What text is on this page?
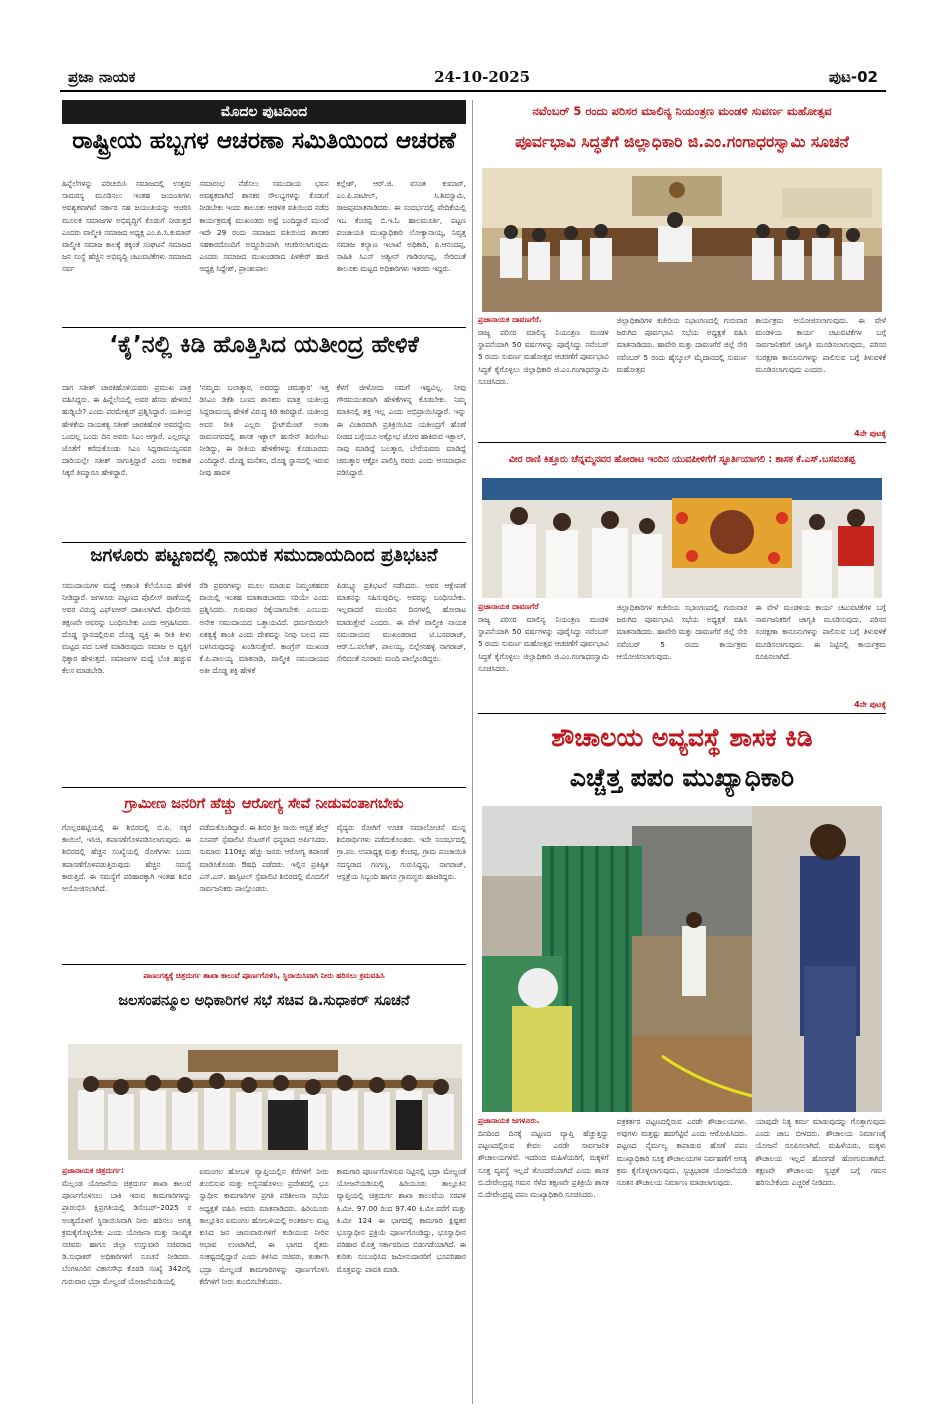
ಪ್ರಜಾ ನಾಯಕ	24-10-2025	ಪುಟ-02
ಮೊದಲ ಪುಟದಿಂದ
ರಾಷ್ಟ್ರೀಯ ಹಬ್ಬಗಳ ಆಚರಣಾ ಸಮಿತಿಯಿಂದ ಆಚರಣೆ
ಹಿನ್ನೆಲೆಗಳನ್ನು ಪರಿಚಯಿಸಿ ಸಮಾಜದಲ್ಲಿ ಉತ್ತಮ ಸಾಮರಸ್ಯ ಮೂಡಿಸಲು ಇಂತಹ ಜಯಂತಿಗಳು ಅವಶ್ಯಕವಾಗಿವೆ ಸರ್ಕಾರ ಸಹ ಜಯಂತಿಯನ್ನು ಆಚರಿಸಿ ಮೂಲಕ ಸಮಾಜಗಳ ಅಭಿವೃದ್ಧಿಗೆ ಕೊಡುಗೆ ನೀಡುತ್ತದೆ ಎಂದರು ವಾಲ್ಮೀಕಿ ಸಮಾಜದ ಅಧ್ಯಕ್ಷ ಎಂ.ಪಿ.ಸಿ.ಕುಮಾರ್ ವಾಲ್ಮೀಕಿ ಸಮಾಜ ಕಾಲಕ್ಕೆ ತಕ್ಕಂತೆ ಸಂಘಟನೆ ಸಮಾಜದ ಜನ ಸಂಸ್ಥೆ ಹೆಚ್ಚಿನ ಅಭಿವೃದ್ಧಿ ಚಟುವಟಿಕೆಗಳು ಸಮಾಜದ ಸರ್ವ
ಸಮಾರಂಭ ನೆಡೆಸಲು ಸಮುದಾಯ ಭವನ ಅವಶ್ಯಕವಾಗಿದೆ ಶಾಸಕರ ಸೌಲಭ್ಯಗಳನ್ನು ಕೊಡುಗೆ ನೀಡಬೇಕು ಇಂದು ತಾಲೂಕು ಆಡಳಿತ ವತಿಯಿಂದ ನಡೆದ ಕಾರ್ಯಕ್ರಮಕ್ಕೆ ಮುಖಂಡರು ಅಷ್ಟೆ ಬಂದಿದ್ದಾರೆ ಮುಂದೆ ಇದೇ 29 ರಂದು ಸಮಾಜದ ವತಿಯಿಂದ ಶಾಸಕರ ಸಹಕಾರದೊಂದಿಗೆ ಅದ್ದೂರಿಯಾಗಿ ಆಚರಿಸಲಾಗುವುದು ಎಂದರು ಸಮಾಜದ ಮುಖಂಡರಾದ ಪಿಳಕೇರ್ ಹಾಜಿ ಅಧ್ಯಕ್ಷ ಸಿದ್ದೇಶ್, ಪ್ರಾಂಶುಪಾಲ
ಕಲ್ಲೇಶ್, ಆರ್.ಜಿ. ವಸಂತ ಕುಮಾರ್, ಎಂ.ಪಿ.ಪಾಟೀಲ್, ಸಿ.ಶಿವಸ್ವಾಮಿ, ರಾಜಪ್ಪಮಾತನಾಡಿದರು. ಈ ಸಂದರ್ಭದಲ್ಲಿ ವೇದಿಕೆಯಲ್ಲಿ ಇಒ ಕೆಂಚಪ್ಪ ಬಿ.ಇ.ಓ ಹಾಲಮೂರ್ತಿ, ಪಟ್ಟಣ ಪಂಚಾಯತಿ ಮುಖ್ಯಾಧಿಕಾರಿ ಲೋಕ್ಯಾನಾಯ್ಕ, ನಿವೃತ್ತ ಸಮಾಜ ಕಲ್ಯಾಣ ಇಲಾಖೆ ಅಧಿಕಾರಿ, ಪಿ.ಆನಂದಪ್ಪ, ಸಾಹಿತಿ ಸಿಎಸ್ ಅಶ್ವೀನ್ ಗಾಡಿರಂಗಪ್ಪ, ಸೇರಿದಂತೆ ತಾಲೂಕು ಮಟ್ಟದ ಅಧಿಕಾರಿಗಳು ಇತರರು ಇದ್ದರು.
‘ಕೈ’ನಲ್ಲಿ ಕಿಡಿ ಹೊತ್ತಿಸಿದ ಯತೀಂದ್ರ ಹೇಳಿಕೆ
ದಾಗ ಸತೀಶ್ ಜಾರಕಿಹೊಳಿಯವರು ಪ್ರಮುಖ ಪಾತ್ರ ವಹಿಸಿದ್ದರು. ಈ ಹಿನ್ನೆಲೆಯಲ್ಲಿ ಅವರ ಹೆಸರು ಹೇಳಿರಬೆ ಹುಡ್ನಿಬೇ? ಎಂದು ಪರಮೇಶ್ವರ್ ಪ್ರಶ್ನಿಸಿದ್ದಾರೆ. ಯತೀಂದ್ರ ಹೇಳಿಕೆಯ ನಾಯಕತ್ವ ಸತೀಶ್ ಜಾರಕಿಹೊಳಿ ಅವರದ್ದೇನು ಒಂದಲ್ಲ ಒಂದು ದಿನ ಅವರು ಸಿಎಂ ಆಗ್ತಾರೆ. ಎಲ್ಲರನ್ನೂ ಜೊತೆಗೆ ಕರೆದುಕೊಂಡು ಸಿಎಂ ಸಿದ್ದರಾಮಯ್ಯನವರ ದಾರಿಯಲ್ಲೇ ಸತೀಶ್ ಸಾಗುತ್ತಿದ್ದಾರೆ ಎಂದು ಅವಕಾಶ ಸಿಕ್ಕರೆ ತಿಮ್ಮಾರೂ ಹೇಳಿದ್ದಾರೆ.
‘ನಮ್ಮದು ಬಲಾತ್ಕಾರ, ಅವರದ್ದು ಚಮತ್ಕಾರ’ ಇತ್ತ ಡಿಸಿಎಂ ಡಿಕೆಶಿ ಬಣದ ಶಾಸಕರು ಮಾತ್ರ ಯತೀಂದ್ರ ಸಿದ್ದರಾಮಯ್ಯ ಹೇಳಿಕೆ ವಿರುದ್ಧ ಕಿಡಿ ಕಾರಿದ್ದಾರೆ. ಯತೀಂದ್ರ ಅವರ ರೀತಿ ಎಲ್ಲರು ಸ್ಟೇಟ್‌ಮೆಂಟ್ ಅಂತಾ ರಾಮನಗರದಲ್ಲಿ ಶಾಸಕ ಇಕ್ಬಾಲ್ ಹುಸೇನ್ ತಿರುಗೇಟು ನೀಡಿದ್ದು, ಈ ರೀತಿಯ ಹೇಳಿಕೆಗಳನ್ನು ಕೊಡಬಾರದು ಎಂದಿದ್ದಾರೆ. ದೊಡ್ಡ ಮನೆತನ, ದೊಡ್ಡ ಸ್ಥಾನದಲ್ಲಿ ಇರುವ ನೀವು ಹಾವಳಿ
ಕೆಳಗೆ ಜೀಳೋದು ನಮಗೆ ಇಷ್ಟವಿಲ್ಲ. ನೀವು ಗೌರವಯುತವಾಗಿ ಹೇಳಿಕೆಗಳನ್ನ ಕೊಡಬೇಕು. ನಿಮ್ಮ ಮಾತಿನಲ್ಲಿ ಶಕ್ತಿ ಇಲ್ಲ ಎಂದು ಅಭಿಪ್ರಾಯಿಸಿದ್ದಾರೆ. ಇನ್ನು ಈ ವಿಚಾರವಾಗಿ ಪ್ರತಿಕ್ರಿಯಿಸಿದ ಯತೀಂದ್ರಗೆ ಹೊಣೆ ನೀಡದ ಬಗ್ಗೆಯೂ ಅಕ್ಷೋಭ ಜೋರ ಹಾಕಿರುವ ಇಕ್ಬಾಲ್, ನಾವು ಮಾಡಿದ್ದೆ ಬಲತ್ಕಾರ, ಬೇರೆಯವರು ಮಾಡಿದ್ದೆ ಚಮತ್ಕಾರ ಆಕ್ಟೋ ಪಾಲಿಸ್ತಿ ರವರು ಎಂದು ಆಸಮಾಧಾನ ಪಡಿಸಿದ್ದಾರೆ.
ಜಗಳೂರು ಪಟ್ಟಣದಲ್ಲಿ ನಾಯಕ ಸಮುದಾಯದಿಂದ ಪ್ರತಿಭಟನೆ
ಸಮುದಾಯಗಳ ಮಧ್ಯೆ ಅಶಾಂತಿ ಕೆಲೆಯೊಂದ ಹೇಳಿಕೆ ನೀಡಿದ್ದಾರೆ. ಜಗಳೂರು ಪಟ್ಟಣದ ಪೊಲೀಸ್ ಠಾಣೆಯಲ್ಲಿ ಅವರ ವಿರುದ್ಧ ಎಫ್‌ಐಆರ್ ದಾಖಲಾಗಿದೆ. ಪೊಲೀಸರು ತಕ್ಷಣವೇ ಅವರನ್ನು ಬಂಧಿಸಬೇಕು ಎಂದು ಆಗ್ರಹಿಸಿದರು. ದೊಡ್ಡ ಸ್ಥಾನದಲ್ಲಿರುವ ದೊಡ್ಡ ವ್ಯಕ್ತಿ ಈ ರೀತಿ ಕೀಳು ಮಟ್ಟದ ಪದ ಬಳಕೆ ಮಾಡಿರುವುದು ಸಮಾಜ ಅ ವ್ಯಕ್ತಿಗೆ ಧಿಕ್ಕಾರ ಹೇಳುತ್ತದೆ. ಸಮಾಜಗಳ ಮಧ್ಯೆ ಬೆಂಕಿ ಹಚ್ಚುವ ಕೆಲಸ ಮಾಡಬೇಡಿ.
ರೆಡಿ ಪ್ರವರಗಳನ್ನು ಮೂಲ ಮಾಡುವ ನಿಮ್ಮಂತಹವರ ವಾಯಿಲ್ಲಿ ಇಂತಹ ಮಾತಾಡಬಾರದು ಸರಿಯೇ ಎಂದು ಪ್ರಶ್ನಿಸಿದರು. ಗುರುವಾರ ರಿಕ್ಕೆಯಾಗಬೇಕು ಎಂಬುದು ಅನೇಕ ಸಮುದಾಯದ ಒತ್ತಾಯವಿದೆ. ಧರ್ಮದಿಂದಲೇ ಏಕತ್ವಕ್ಕೆ ಶಾಂತಿ ಎಂದು ದೇಶವನ್ನು ನೀವು ಬಲದ ಪದ ಬಳಸಿರುವುದನ್ನು ಖಂಡಿಸುತ್ತೇವೆ. ಕಾಂಗ್ರೆಸ್ ಮುಖಂಡ ಕೆ.ಪಿ.ಪಾಲಯ್ಯ ಮಾತನಾಡಿ, ವಾಲ್ಮೀಕಿ ಸಮುದಾಯದ ಅತೀ ದೊಡ್ಡ ಶಕ್ತಿ ಹೇಳಿಕೆ
ಪಿಡಬ್ಲ್ಯೂ ಪ್ರತಿಭಟನೆ ನಡೆಸಿದರು. ಅವರ ಆಕ್ಷೇಪಣೆ ಮಾತನನ್ನು ಸಹಿಸುವುದಿಲ್ಲ. ಅವರನ್ನು ಬಂಧಿಸಬೇಕು. ಇಲ್ಲವಾದರೆ ಮುಂದಿನ ದಿನಗಳಲ್ಲಿ ಹೋರಾಟ ಮಾಡುತ್ತೇವೆ ಎಂದರು. ಈ ವೇಳೆ ವಾಲ್ಮೀಕಿ ನಾಯಕ ಸಮುದಾಯದ ಮುಖಂಡರಾದ ಟಿ.ಬಸವರಾಜ್, ಆರ್.ಓ.ಪಲೇಶ್, ಪಾಲಯ್ಯ, ಬಿಲ್ಲೇನಹಳ್ಳಿ ನಾಗರಾಜ್, ಸೇರಿದಂತೆ ನೂರಾರು ಮಂದಿ ಪಾಲ್ಗೊಂಡಿದ್ದರು.
ಗ್ರಾಮೀಣ ಜನರಿಗೆ ಹೆಚ್ಚು ಆರೋಗ್ಯ ಸೇವೆ ನೀಡುವಂತಾಗಬೇಕು
ಗೊಲ್ಲರಹಟ್ಟಿಯಲ್ಲಿ ಈ ಶಿಬಿರದಲ್ಲಿ ಬಿ.ಪಿ. ಸಕ್ಕರೆ ಕಾಯಿಲೆ, ಇಸಿಜಿ, ತಪಾಸಣೆಗೊಳಪಡಿಸಲಾಗುವುದು. ಈ ಶಿಬಿರದಲ್ಲಿ ಹೆಚ್ಚಿನ ಸಂಖ್ಯೆಯಲ್ಲಿ ರೋಗಿಗಳು ಬಂದು ತಪಾಸಣೆಗೊಳಪಡುತ್ತಿರುವುದು ಹೆಚ್ಚಿನ ಸಮಸ್ಯೆ ಕಾರುತ್ತಿದೆ. ಈ ಸಮಸ್ಯೆಗೆ ಪರಿಹಾರಕ್ಕಾಗಿ ಇಂತಹ ಶಿಬಿರ ಆಯೋಜಿಸಲಾಗಿದೆ.
ಪಡೆದುಕೊಂಡಿದ್ದಾರೆ. ಈ ಶಿಬಿರ ಶ್ರೀ ಸಾಯಿ ಆಸ್ಪತ್ರೆ ಹೆಲ್ತ್ ಸೂಪರ್ ಸ್ಪೆಷಾಲಿಟಿ ಸೆಂಟರ್‌ಗೆ ಧನ್ಯವಾದ ಅರ್ಪಿಸಿದರು. ಸುಮಾರು 110ಕ್ಕೂ ಹೆಚ್ಚು ಜನರು ಆರೋಗ್ಯ ತಪಾಸಣೆ ಮಾಡಿಸಿಕೊಂಡು ಔಷಧಿ ಪಡೆದರು. ಇಲ್ಲಿನ ಪ್ರತಿಷ್ಠಿತ ಎಸ್.ಎಸ್. ಹಾಸ್ಪಿಟಲ್ ಸ್ಪೆಷಾಲಿಟಿ ಶಿಬಿರದಲ್ಲಿ ಮೊದಲಿಗೆ ಸಾರ್ವಜನಿಕರು ಪಾಲ್ಗೊಂಡರು.
ವೈದ್ಯರು ರೋಗಿಗೆ ಉಚಿತ ಸಮಾಲೋಚನೆ ಮುನ್ನ ಶಿಬಿರಾರ್ಥಿಗಳು ಪಡೆದುಕೊಂಡರು. ಇದೇ ಸಂದರ್ಭದಲ್ಲಿ ಗ್ರಾ.ಪಂ. ಉಪಾಧ್ಯಕ್ಷ ಮತ್ತು ಕೆಂಚಪ್ಪ, ಗ್ರಾಮ ಪಂಚಾಯಿತಿ ಸದಸ್ಯರಾದ ಗಂಗಣ್ಣ, ಗುರುಸಿದ್ದಪ್ಪ, ನಾಗರಾಜ್, ಆಸ್ಪತ್ರೆಯ ಸಿಬ್ಬಂದಿ ಹಾಗೂ ಗ್ರಾಮಸ್ಥರು ಹಾಜರಿದ್ದರು.
ಪಾಣಂಗತ್ಯಕ್ಕೆ ಚಿತ್ರದುರ್ಗ ಶಾಖಾ ಕಾಲುವೆ ಪೂರ್ಣಗೊಳಿಸಿ, ಸ್ಥಿರಾಯಿಸಿವಾಗಿ ನೀರು ಹರಿಸಲು ಕ್ರಮವಹಿಸಿ
ಜಲಸಂಪನ್ಮೂಲ ಅಧಿಕಾರಿಗಳ ಸಭೆ ಸಚಿವ ಡಿ.ಸುಧಾಕರ್ ಸೂಚನೆ
ಪ್ರಜಾನಾಯಕ ಚಿತ್ರದುರ್ಗ:
ಮೆಲ್ಲಂಡ ಯೋಜನೆಯ ಚಿತ್ರದುರ್ಗ ಶಾಖಾ ಕಾಲುವೆ ಪೂರ್ಣಗೊಳಿಸಲು ಬಾಕಿ ಇರುವ ಕಾಮಗಾರಿಗಳನ್ನು ಪ್ರಾರಂಭಿಸಿ ಕ್ಷಿಪ್ರಗತಿಯಲ್ಲಿ ಡಿಸೆಂಬರ್–2025 ರ ಅಂತ್ಯದೊಳಗೆ ಸ್ಥಿರಾಯಿಸಿವಾಗಿ ನೀರು ಹರಿಸಲು ಅಗತ್ಯ ಕ್ರಮಕೈಗೊಳ್ಳಬೇಕು ಎಂದು ಯೋಜನಾ ಮತ್ತು ಸಾಂಖ್ಯಿಕ ಸಚಿವರು ಹಾಗೂ ಜಿಲ್ಲಾ ಉಸ್ತುವಾರಿ ಸಚಿವರಾದ ಡಿ.ಸುಧಾಕರ್ ಅಧಿಕಾರಿಗಳಿಗೆ ಸೂಚನೆ ನೀಡಿದರು. ಬೆಂಗಳೂರಿನ ವಿಕಾಸಸೌಧ ಕೊಠಡಿ ಸಂಖ್ಯೆ 342ರಲ್ಲಿ ಗುರುವಾರ ಭದ್ರಾ ಮೇಲ್ದಂಡೆ ಯೋಜನೆಯಡಿಯಲ್ಲಿ
ಐಮಂಗಲ ಹೋಬಳಿ ವ್ಯಾಪ್ತಿಯಲ್ಲಿನ ಕೆರೆಗಳಿಗೆ ನೀರು ತುಂಬಿಸುವ ಮತ್ತು ಅಬ್ಬಿನಹೊಳಲು ಪ್ರದೇಶದಲ್ಲಿ ಭೂ ಸ್ವಾಧೀನ ಕಾಮಗಾರಿಗಳ ಪ್ರಗತಿ ಪರಿಶೀಲನಾ ಸಭೆಯ ಅಧ್ಯಕ್ಷತೆ ವಹಿಸಿ ಅವರು ಮಾತನಾಡಿದರು. ಹಿರಿಯೂರು ತಾಲ್ಲೂಕಿನ ಐಮಂಗಲ ಹೋಬಳಿಯಲ್ಲಿ ಅಂತರ್ಜಲ ಮಟ್ಟ ಕುಸಿದ ಜನ ಜಾನುವಾರುಗಳಿಗೆ ಕುಡಿಯುವ ನೀರಿನ ಅಭಾವ ಉಂಟಾಗಿದೆ, ಈ ಭಾಗದ ರೈತರು ಸಂಕಷ್ಟದಲ್ಲಿದ್ದಾರೆ ಎಂದು ತಿಳಿಸಿದ ಸಚಿವರು, ತುರ್ತಾಗಿ ಭದ್ರಾ ಮೇಲ್ದಂಡೆ ಕಾಮಗಾರಿಗಳನ್ನು ಪೂರ್ಣಗೊಳಿಸಿ ಕೆರೆಗಳಿಗೆ ನೀರು ತುಂಬಿಸಬೇಕೆಂದರು.
ಕಾಮಗಾರಿ ಪೂರ್ಣಗೊಳಿಸುವ ನಿಟ್ಟಿನಲ್ಲಿ ಭದ್ರಾ ಮೇಲ್ದಂಡೆ ಯೋಜನೆಯಡಿಯಲ್ಲಿ ಹಿರಿಯೂರು ತಾಲ್ಲೂಕಿನ ವ್ಯಾಪ್ತಿಯಲ್ಲಿ ಚಿತ್ರದುರ್ಗ ಶಾಖಾ ಕಾಲುವೆಯ ಸರಪಳಿ ಕಿ.ಮೀ. 97.00 ರಿಂದ 97.40 ಕಿ.ಮೀ.ವರೆಗೆ ಮತ್ತು ಕಿ.ಮೀ 124 ಈ ಭಾಗದಲ್ಲಿ ಕಾಮಗಾರಿ ಕ್ಲಿಷ್ಟಕರ ಭೂಸ್ವಾಧೀನ ಪ್ರಕ್ರಿಯೆ ಪೂರ್ಣಗೊಂಡಿದ್ದು, ಭೂಸ್ವಾಧೀನ ಪರಿಹಾರ ಮೊತ್ತ ಸರ್ಕಾರದಿಂದ ಬಿಡುಗಡೆಯಾಗಿದೆ. ಈ ಕುರಿತು ಸಂಬಂಧಿಸಿದ ಜಮೀನುದಾರರಿಗೆ ಭೂಪರಿಹಾರ ಮೊತ್ತವನ್ನು ಪಾವತಿ ಮಾಡಿ.
ನವೆಂಬರ್ 5 ರಂದು ಪರಿಸರ ಮಾಲಿನ್ಯ ನಿಯಂತ್ರಣ ಮಂಡಳಿ ಸುವರ್ಣ ಮಹೋತ್ಸವ
ಪೂರ್ವಭಾವಿ ಸಿದ್ಧತೆಗೆ ಜಿಲ್ಲಾಧಿಕಾರಿ ಜಿ.ಎಂ.ಗಂಗಾಧರಸ್ವಾಮಿ ಸೂಚನೆ
ಪ್ರಜಾನಾಯಕ ದಾವಣಗೆರೆ.
ರಾಜ್ಯ ಪರಿಸರ ಮಾಲಿನ್ಯ ನಿಯಂತ್ರಣ ಮಂಡಳಿ ಸ್ಥಾಪನೆಯಾಗಿ 50 ವರ್ಷಗಳನ್ನು ಪೂರೈಸಿದ್ದು ನವೆಂಬರ್ 5 ರಂದು ಸುವರ್ಣ ಮಹೋತ್ಸವ ಆಚರಣೆಗೆ ಪೂರ್ವಭಾವಿ ಸಿದ್ಧತೆ ಕೈಗೊಳ್ಳಲು ಜಿಲ್ಲಾಧಿಕಾರಿ ಜಿ.ಎಂ.ಗಂಗಾಧರಸ್ವಾಮಿ ಸೂಚಿಸಿದರು.
ಜಿಲ್ಲಾಧಿಕಾರಿಗಳ ಕಚೇರಿಯ ಸಭಾಂಗಣದಲ್ಲಿ ಗುರುವಾರ ಜರುಗಿದ ಪೂರ್ವಭಾವಿ ಸಭೆಯ ಅಧ್ಯಕ್ಷತೆ ವಹಿಸಿ ಮಾತನಾಡಿದರು. ಹಾವೇರಿ ಮತ್ತು ದಾವಣಗೆರೆ ಜಿಲ್ಲೆ ಸೇರಿ ನವೆಂಬರ್ 5 ರಂದು ಹೈಸ್ಕೂಲ್ ಮೈದಾನದಲ್ಲಿ ಸುವರ್ಣ ಮಹೋತ್ಸವ
ಕಾರ್ಯಕ್ರಮ ಆಯೋಜಿಸಲಾಗುವುದು. ಈ ವೇಳೆ ಮಂಡಳಿಯ ಕಾರ್ಯ ಚಟುವಟಿಕೆಗಳ ಬಗ್ಗೆ ಸಾರ್ವಜನಿಕರಿಗೆ ಜಾಗೃತಿ ಮೂಡಿಸಲಾಗುವುದು, ಪರಿಸರ ಸಂರಕ್ಷಣಾ ಕಾನೂನುಗಳನ್ನು ಪಾಲಿಸುವ ಬಗ್ಗೆ ತಿಳುವಳಿಕೆ ಮೂಡಿಸಲಾಗುವುದು ಎಂದರು.
4ನೇ ಪುಟಕ್ಕೆ
ವೀರ ರಾಣಿ ಕಿತ್ತೂರು ಚೆನ್ನಮ್ಮನವರ ಹೋರಾಟ ಇಂದಿನ ಯುವಪೀಳಿಗೆಗೆ ಸ್ಫೂರ್ತಿಯಾಗಲಿ : ಶಾಸಕ ಕೆ.ಎಸ್.ಬಸವಂತಪ್ಪ
ಪ್ರಜಾನಾಯಕ ದಾವಣಗೆರೆ
ರಾಜ್ಯ ಪರಿಸರ ಮಾಲಿನ್ಯ ನಿಯಂತ್ರಣ ಮಂಡಳಿ ಸ್ಥಾಪನೆಯಾಗಿ 50 ವರ್ಷಗಳನ್ನು ಪೂರೈಸಿದ್ದು ನವೆಂಬರ್ 5 ರಂದು ಸುವರ್ಣ ಮಹೋತ್ಸವ ಆಚರಣೆಗೆ ಪೂರ್ವಭಾವಿ ಸಿದ್ಧತೆ ಕೈಗೊಳ್ಳಲು ಜಿಲ್ಲಾಧಿಕಾರಿ ಜಿ.ಎಂ.ಗಂಗಾಧರಸ್ವಾಮಿ ಸೂಚಿಸಿದರು.
ಜಿಲ್ಲಾಧಿಕಾರಿಗಳ ಕಚೇರಿಯ ಸಭಾಂಗಣದಲ್ಲಿ ಗುರುವಾರ ಜರುಗಿದ ಪೂರ್ವಭಾವಿ ಸಭೆಯ ಅಧ್ಯಕ್ಷತೆ ವಹಿಸಿ ಮಾತನಾಡಿದರು. ಹಾವೇರಿ ಮತ್ತು ದಾವಣಗೆರೆ ಜಿಲ್ಲೆ ಸೇರಿ ನವೆಂಬರ್ 5 ರಂದು ಕಾರ್ಯಕ್ರಮ ಆಯೋಜಿಸಲಾಗುವುದು.
ಈ ವೇಳೆ ಮಂಡಳಿಯ ಕಾರ್ಯ ಚಟುವಟಿಕೆಗಳ ಬಗ್ಗೆ ಸಾರ್ವಜನಿಕರಿಗೆ ಜಾಗೃತಿ ಮೂಡಿಸುವುದು, ಪರಿಸರ ಸಂರಕ್ಷಣಾ ಕಾನೂನುಗಳನ್ನು ಪಾಲಿಸುವ ಬಗ್ಗೆ ತಿಳುವಳಿಕೆ ಮೂಡಿಸಲಾಗುವುದು. ಈ ನಿಟ್ಟಿನಲ್ಲಿ ಕಾರ್ಯಕ್ರಮ ರೂಪಿಸಲಾಗಿದೆ.
4ನೇ ಪುಟಕ್ಕೆ
ಶೌಚಾಲಯ ಅವ್ಯವಸ್ಥೆ ಶಾಸಕ ಕಿಡಿ
ಎಚ್ಚೆತ್ತ ಪಪಂ ಮುಖ್ಯಾಧಿಕಾರಿ
ಪ್ರಜಾನಾಯಕ ಜಗಳೂರು.
ದಿನದಿಂದ ದಿನಕ್ಕೆ ಪಟ್ಟಣದ ವ್ಯಾಪ್ತಿ ಹೆಚ್ಚುತ್ತಿದ್ದು ಪಟ್ಟಣದಲ್ಲಿರುವ ಕೇವಲ ಎರಡೇ ಸಾರ್ವಜನಿಕ ಶೌಚಾಲಯಗಳಿವೆ. ಇದರಿಂದ ಮಹಿಳೆಯರಿಗೆ, ಮಕ್ಕಳಿಗೆ ಸೂಕ್ತ ವ್ಯವಸ್ಥೆ ಇಲ್ಲದೆ ತೊಂದರೆಯಾಗಿದೆ ಎಂದು ಶಾಸಕ ಬಿ.ದೇವೇಂದ್ರಪ್ಪ ಗಮನ ಸೆಳೆದ ತಕ್ಷಣವೇ ಪ್ರತಿಕ್ರಿಯೆ ಶಾಸಕ ಬಿ.ದೇವೇಂದ್ರಪ್ಪ ಪಪಂ ಮುಖ್ಯಾಧಿಕಾರಿ ಸೂಚಿಸಿದರು.
ಪತ್ರಕರ್ತರ ಪಟ್ಟಣದಲ್ಲಿರುವ ಎರಡೇ ಶೌಚಾಲಯಗಳು. ಅವುಗಳು ಮತ್ತಷ್ಟು ಹದಗೆಟ್ಟಿವೆ ಎಂದು ಆರೋಪಿಸಿದರು. ಪಟ್ಟಣದ ನೈರ್ಮಲ್ಯ ಕಾಪಾಡುವ ಹೊಣೆ ಪಪಂ ಮುಖ್ಯಾಧಿಕಾರಿ ಸೂಕ್ತ ಶೌಚಾಲಯಗಳ ನಿರ್ವಹಣೆಗೆ ಅಗತ್ಯ ಕ್ರಮ ಕೈಗೊಳ್ಳಲಾಗುವುದು, ಸ್ವಚ್ಛಭಾರತ ಯೋಜನೆಯಡಿ ನೂತನ ಶೌಚಾಲಯ ನಿರ್ಮಾಣ ಮಾಡಲಾಗುವುದು.
ಯಾವುದೇ ನಿತ್ಯ ಕರ್ಮ ಮಾಡುವುದನ್ನು ಗೊತ್ತಾಗುವುದು ಎಂದು ಜಾಬ ಬೀಳದರು. ಶೌಚಾಲಯ ನಿರ್ಮಾಣಕ್ಕೆ ಯೋಜನೆ ರೂಪಿಸಲಾಗಿದೆ. ಮಹಿಳೆಯರು, ಮಕ್ಕಳು ಶೌಚಾಲಯ ಇಲ್ಲದೆ ಹೊರಗಡೆ ಹೋಗುವಂತಾಗಿದೆ. ತಕ್ಷಣವೇ ಶೌಚಾಲಯ ಸ್ವಚ್ಛತೆ ಬಗ್ಗೆ ಗಮನ ಹರಿಸಬೇಕೆಂದು ಎಚ್ಚರಿಕೆ ನೀಡಿದರು.
